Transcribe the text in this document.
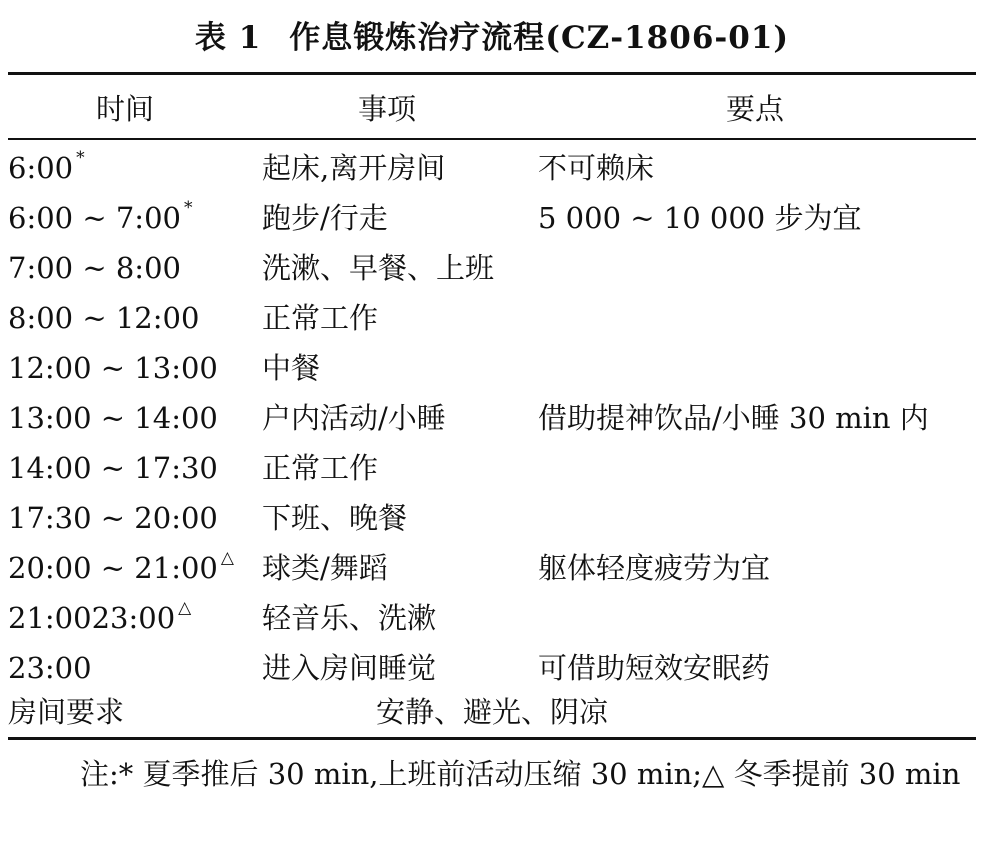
表 1 作息锻炼治疗流程(CZ-1806-01)
时间	事项	要点
6:00 *	起床,离开房间	不可赖床
6:00 ~ 7:00 * 跑步/行走	5 000 ~ 10 000 步为宜
7:00 ~ 8:00	洗漱、早餐、上班
8:00 ~ 12:00 正常工作
12:00 ~ 13:00 中餐
13:00 ~ 14:00 户内活动/小睡	借助提神饮品/小睡 30 min 内
14:00 ~ 17:30 正常工作
17:30 ~ 20:00 下班、晚餐
20:00 ~ 21:00 △ 球类/舞蹈	躯体轻度疲劳为宜
21:0023:00 △ 轻音乐、洗漱
23:00	进入房间睡觉	可借助短效安眠药
房间要求	安静、避光、阴凉

注:* 夏季推后 30 min,上班前活动压缩 30 min;△ 冬季提前 30 min
